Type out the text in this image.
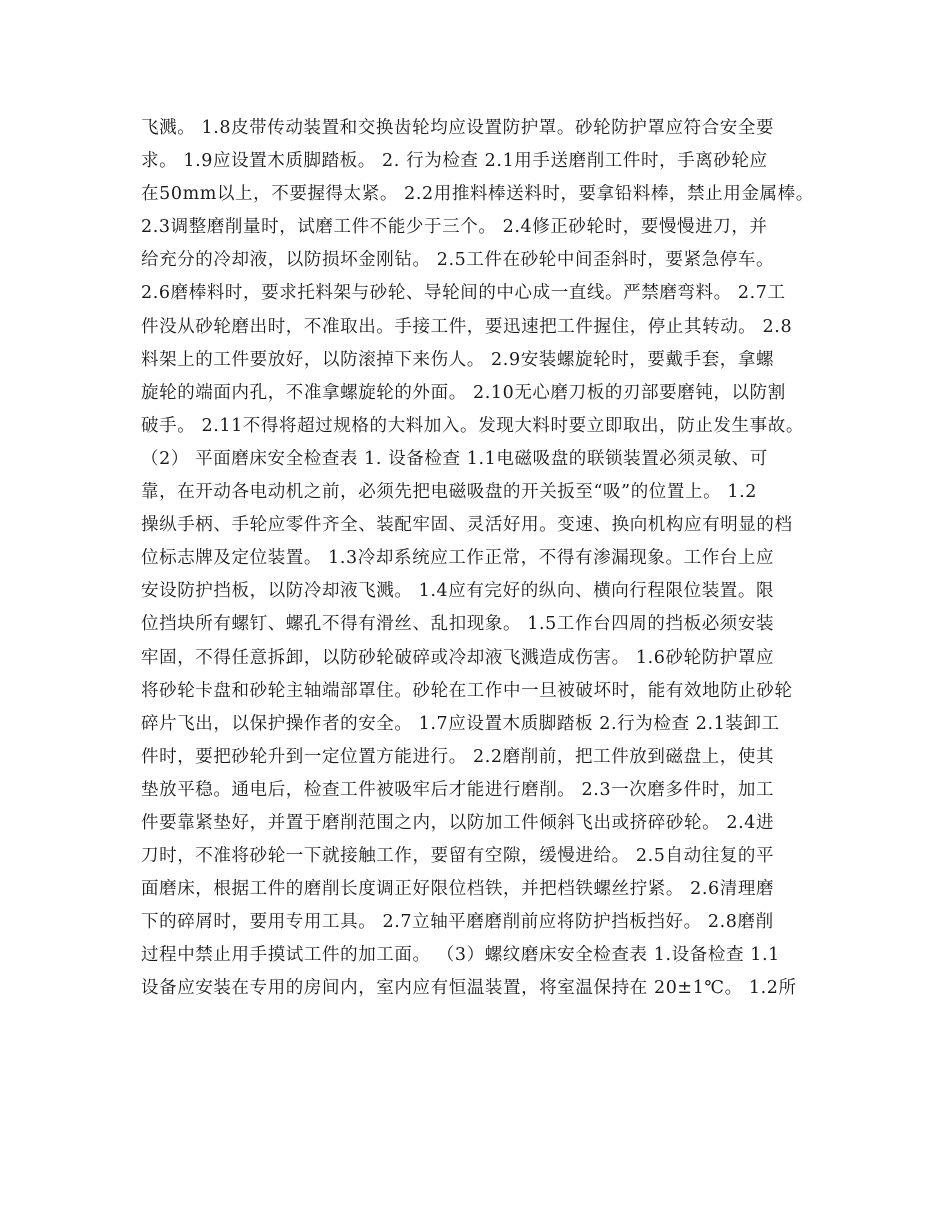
飞溅。 1.8皮带传动装置和交换齿轮均应设置防护罩。砂轮防护罩应符合安全要
求。 1.9应设置木质脚踏板。 2. 行为检查 2.1用手送磨削工件时，手离砂轮应
在50mm以上，不要握得太紧。 2.2用推料棒送料时，要拿铅料棒，禁止用金属棒。
2.3调整磨削量时，试磨工件不能少于三个。 2.4修正砂轮时，要慢慢进刀，并
给充分的冷却液，以防损坏金刚钻。 2.5工件在砂轮中间歪斜时，要紧急停车。
2.6磨棒料时，要求托料架与砂轮、导轮间的中心成一直线。严禁磨弯料。 2.7工
件没从砂轮磨出时，不准取出。手接工件，要迅速把工件握住，停止其转动。 2.8
料架上的工件要放好，以防滚掉下来伤人。 2.9安装螺旋轮时，要戴手套，拿螺
旋轮的端面内孔，不准拿螺旋轮的外面。 2.10无心磨刀板的刃部要磨钝，以防割
破手。 2.11不得将超过规格的大料加入。发现大料时要立即取出，防止发生事故。
（2） 平面磨床安全检查表 1. 设备检查 1.1电磁吸盘的联锁装置必须灵敏、可
靠，在开动各电动机之前，必须先把电磁吸盘的开关扳至“吸”的位置上。 1.2
操纵手柄、手轮应零件齐全、装配牢固、灵活好用。变速、换向机构应有明显的档
位标志牌及定位装置。 1.3冷却系统应工作正常，不得有渗漏现象。工作台上应
安设防护挡板，以防冷却液飞溅。 1.4应有完好的纵向、横向行程限位装置。限
位挡块所有螺钉、螺孔不得有滑丝、乱扣现象。 1.5工作台四周的挡板必须安装
牢固，不得任意拆卸，以防砂轮破碎或冷却液飞溅造成伤害。 1.6砂轮防护罩应
将砂轮卡盘和砂轮主轴端部罩住。砂轮在工作中一旦被破坏时，能有效地防止砂轮
碎片飞出，以保护操作者的安全。 1.7应设置木质脚踏板 2.行为检查 2.1装卸工
件时，要把砂轮升到一定位置方能进行。 2.2磨削前，把工件放到磁盘上，使其
垫放平稳。通电后，检查工件被吸牢后才能进行磨削。 2.3一次磨多件时，加工
件要靠紧垫好，并置于磨削范围之内，以防加工件倾斜飞出或挤碎砂轮。 2.4进
刀时，不准将砂轮一下就接触工作，要留有空隙，缓慢进给。 2.5自动往复的平
面磨床，根据工件的磨削长度调正好限位档铁，并把档铁螺丝拧紧。 2.6清理磨
下的碎屑时，要用专用工具。 2.7立轴平磨磨削前应将防护挡板挡好。 2.8磨削
过程中禁止用手摸试工件的加工面。 （3）螺纹磨床安全检查表 1.设备检查 1.1
设备应安装在专用的房间内，室内应有恒温装置，将室温保持在 20±1℃。 1.2所
